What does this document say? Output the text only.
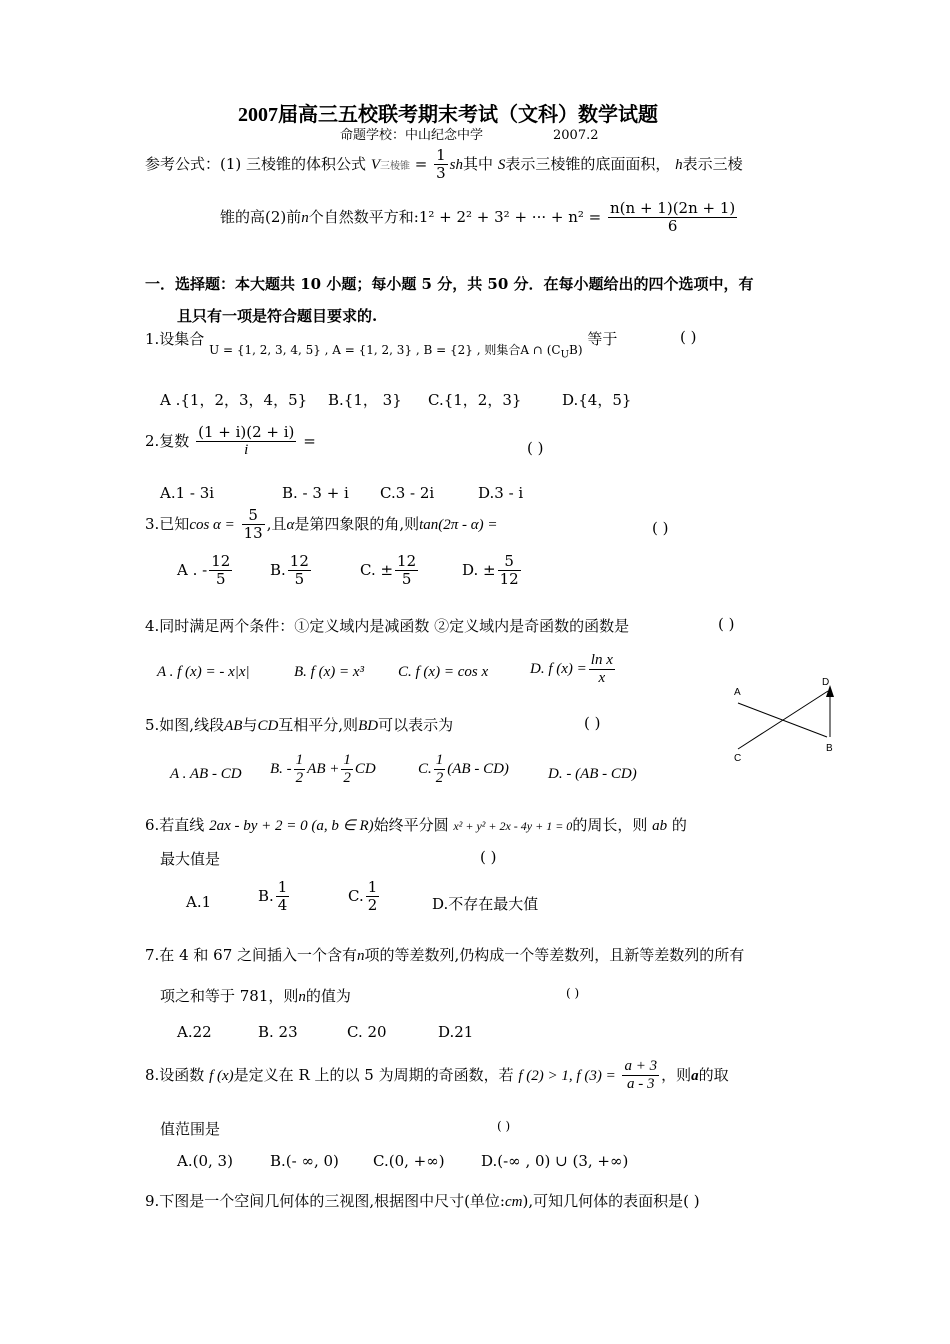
2007届高三五校联考期末考试（文科）数学试题
命题学校：中山纪念中学	2007.2
参考公式：(1) 三棱锥的体积公式 V三棱锥 = $\frac{1}{3}$ sh其中 S表示三棱锥的底面面积， h表示三棱
锥的高(2)前n个自然数平方和:1² + 2² + 3² + ··· + $n^2 = \frac{n(n + 1)(2n + 1)}{6}$
一．选择题：本大题共 10 小题；每小题 5 分，共 50 分．在每小题给出的四个选项中，有
且只有一项是符合题目要求的.
1.设集合 $_{U = \{1, 2, 3, 4, 5\} , A = \{1, 2, 3\} , B = \{2\} , 则集合A \cap (C_UB)}$ 等于	( )
A .{1，2，3，4，5} B.{1， 3} C.{1，2，3}	D.{4，5}
2.复数 $\frac{(1 + i)(2 + i)}{i}$ =	( )
A.1 - 3i	B. - 3 + i C.3 - 2i	D.3 - i
3.已知$\cos \alpha = \frac{5}{13}$ ,且α是第四象限的角,则tan(2π - α) =	( )
A . - $\frac{12}{5}$	B. $\frac{12}{5}$	C. ± $\frac{12}{5}$	D. ± $\frac{5}{12}$
4.同时满足两个条件：①定义域内是减函数 ②定义域内是奇函数的函数是	( )
A . f (x) = - x|x|	B. f (x) = x³ C. f (x) = cos x	D. f $(x) = \frac{\text{ln x}}{x}$
A
D
B
C
5.如图,线段AB与CD互相平分,则BD可以表示为	( )
A . AB - CD B. - $\frac{1}{2}$ AB + $\frac{1}{2}$ CD	C. $\frac{1}{2} (AB - CD)$	D. - (AB - CD)
6.若直线 2ax - by + 2 = 0 (a, b ∈ R)始终平分圆 x² + y² + 2x - 4y + 1 = 0的周长，则 ab 的
最大值是	( )
A.1	B. $\frac{1}{4}$	C. $\frac{1}{2}$	D.不存在最大值
7.在 4 和 67 之间插入一个含有n项的等差数列,仍构成一个等差数列，且新等差数列的所有
项之和等于 781，则n的值为	( )
A.22	B. 23	C. 20	D.21
8.设函数 f (x)是定义在 R 上的以 5 为周期的奇函数，若 f (2) > 1, f $(3) = \frac{a + 3}{a - 3}$ ，则a的取
值范围是	( )
A.(0, 3) B.(- ∞, 0) C.(0, +∞) D.(-∞ , 0) ∪ (3, +∞)
9.下图是一个空间几何体的三视图,根据图中尺寸(单位:cm),可知几何体的表面积是( )
